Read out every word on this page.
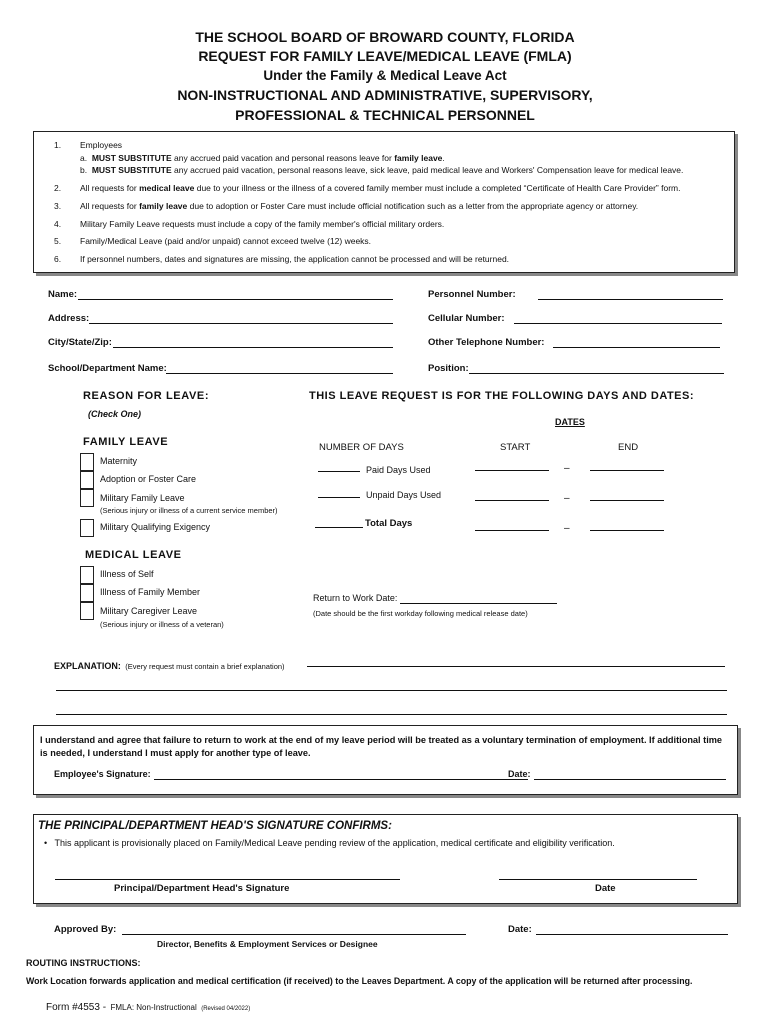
THE SCHOOL BOARD OF BROWARD COUNTY, FLORIDA
REQUEST FOR FAMILY LEAVE/MEDICAL LEAVE (FMLA)
Under the Family & Medical Leave Act
NON-INSTRUCTIONAL AND ADMINISTRATIVE, SUPERVISORY,
PROFESSIONAL & TECHNICAL PERSONNEL
1. Employees
a. MUST SUBSTITUTE any accrued paid vacation and personal reasons leave for family leave.
b. MUST SUBSTITUTE any accrued paid vacation, personal reasons leave, sick leave, paid medical leave and Workers' Compensation leave for medical leave.
2. All requests for medical leave due to your illness or the illness of a covered family member must include a completed “Certificate of Health Care Provider” form.
3. All requests for family leave due to adoption or Foster Care must include official notification such as a letter from the appropriate agency or attorney.
4. Military Family Leave requests must include a copy of the family member's official military orders.
5. Family/Medical Leave (paid and/or unpaid) cannot exceed twelve (12) weeks.
6. If personnel numbers, dates and signatures are missing, the application cannot be processed and will be returned.
Name:	Personnel Number:
Address:	Cellular Number:
City/State/Zip:	Other Telephone Number:
School/Department Name:	Position:
REASON FOR LEAVE:
(Check One)
FAMILY LEAVE
Maternity
Adoption or Foster Care
Military Family Leave
(Serious injury or illness of a current service member)
Military Qualifying Exigency
MEDICAL LEAVE
Illness of Self
Illness of Family Member
Military Caregiver Leave
(Serious injury or illness of a veteran)
THIS LEAVE REQUEST IS FOR THE FOLLOWING DAYS AND DATES:
DATES
NUMBER OF DAYS	START	END
Paid Days Used	–
Unpaid Days Used	–
Total Days	–
Return to Work Date:
(Date should be the first workday following medical release date)
EXPLANATION: (Every request must contain a brief explanation)
I understand and agree that failure to return to work at the end of my leave period will be treated as a voluntary termination of employment. If additional time is needed, I understand I must apply for another type of leave.
Employee's Signature:	Date:
THE PRINCIPAL/DEPARTMENT HEAD'S SIGNATURE CONFIRMS:
• This applicant is provisionally placed on Family/Medical Leave pending review of the application, medical certificate and eligibility verification.
Principal/Department Head's Signature	Date
Approved By:	Date:
Director, Benefits & Employment Services or Designee
ROUTING INSTRUCTIONS:
Work Location forwards application and medical certification (if received) to the Leaves Department. A copy of the application will be returned after processing.
Form #4553 - FMLA: Non-Instructional (Revised 04/2022)
